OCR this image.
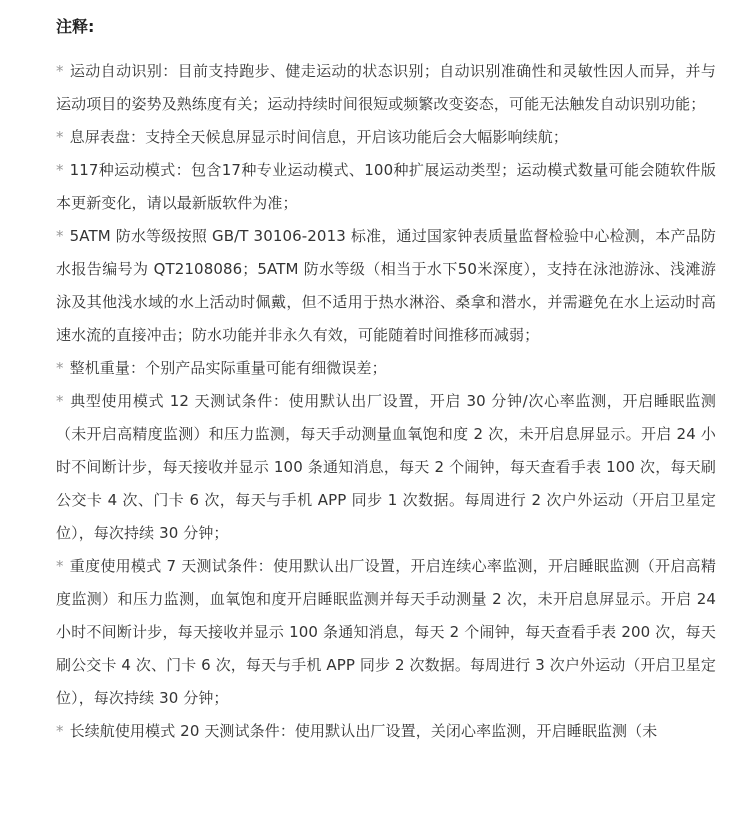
注释:

* 运动自动识别：目前支持跑步、健走运动的状态识别；自动识别准确性和灵敏性因人而异，并与运动项目的姿势及熟练度有关；运动持续时间很短或频繁改变姿态，可能无法触发自动识别功能；

* 息屏表盘：支持全天候息屏显示时间信息，开启该功能后会大幅影响续航；

* 117种运动模式：包含17种专业运动模式、100种扩展运动类型；运动模式数量可能会随软件版本更新变化，请以最新版软件为准；

* 5ATM 防水等级按照 GB/T 30106-2013 标准，通过国家钟表质量监督检验中心检测，本产品防水报告编号为 QT2108086；5ATM 防水等级（相当于水下50米深度），支持在泳池游泳、浅滩游泳及其他浅水域的水上活动时佩戴，但不适用于热水淋浴、桑拿和潜水，并需避免在水上运动时高速水流的直接冲击；防水功能并非永久有效，可能随着时间推移而减弱；

* 整机重量：个别产品实际重量可能有细微误差；

* 典型使用模式 12 天测试条件：使用默认出厂设置，开启 30 分钟/次心率监测，开启睡眠监测（未开启高精度监测）和压力监测，每天手动测量血氧饱和度 2 次，未开启息屏显示。开启 24 小时不间断计步，每天接收并显示 100 条通知消息，每天 2 个闹钟，每天查看手表 100 次，每天刷公交卡 4 次、门卡 6 次，每天与手机 APP 同步 1 次数据。每周进行 2 次户外运动（开启卫星定位），每次持续 30 分钟；

* 重度使用模式 7 天测试条件：使用默认出厂设置，开启连续心率监测，开启睡眠监测（开启高精度监测）和压力监测，血氧饱和度开启睡眠监测并每天手动测量 2 次，未开启息屏显示。开启 24 小时不间断计步，每天接收并显示 100 条通知消息，每天 2 个闹钟，每天查看手表 200 次，每天刷公交卡 4 次、门卡 6 次，每天与手机 APP 同步 2 次数据。每周进行 3 次户外运动（开启卫星定位），每次持续 30 分钟；

* 长续航使用模式 20 天测试条件：使用默认出厂设置，关闭心率监测，开启睡眠监测（未
